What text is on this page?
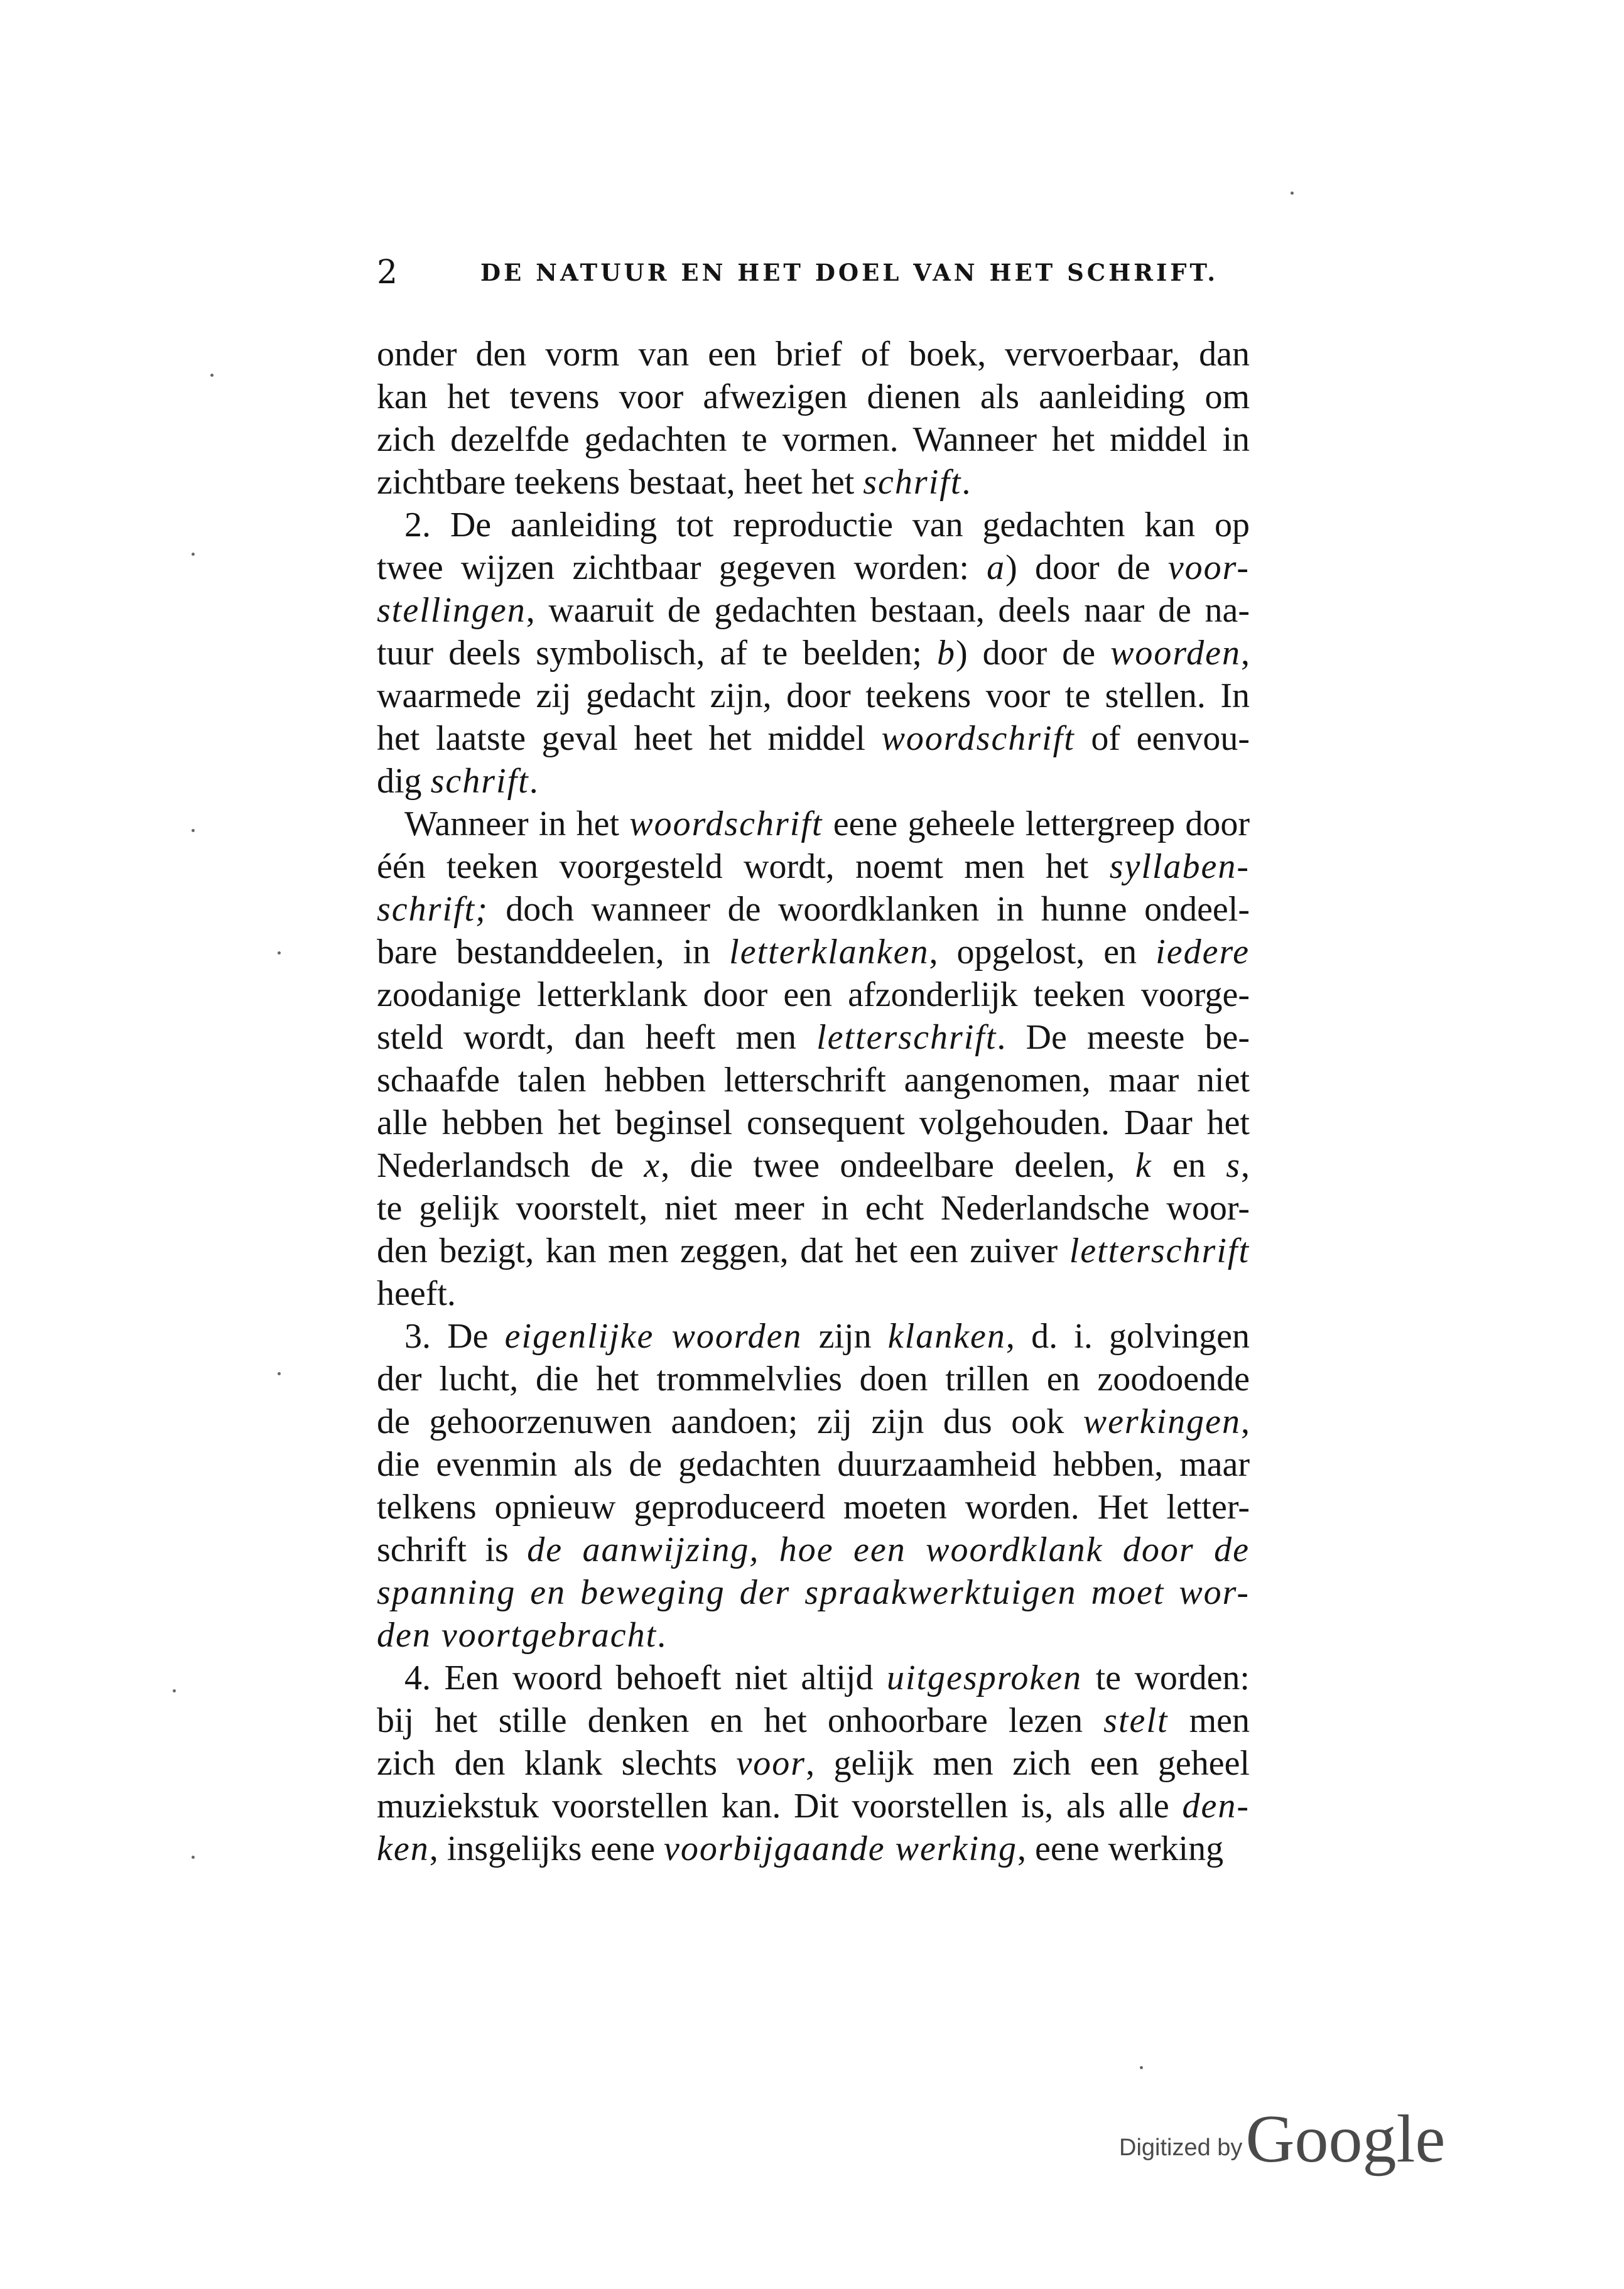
2	DE NATUUR EN HET DOEL VAN HET SCHRIFT.
onder den vorm van een brief of boek, vervoerbaar, dan
kan het tevens voor afwezigen dienen als aanleiding om
zich dezelfde gedachten te vormen. Wanneer het middel in
zichtbare teekens bestaat, heet het schrift.
2. De aanleiding tot reproductie van gedachten kan op
twee wijzen zichtbaar gegeven worden: a) door de voor-
stellingen, waaruit de gedachten bestaan, deels naar de na-
tuur deels symbolisch, af te beelden; b) door de woorden,
waarmede zij gedacht zijn, door teekens voor te stellen. In
het laatste geval heet het middel woordschrift of eenvou-
dig schrift.
Wanneer in het woordschrift eene geheele lettergreep door
één teeken voorgesteld wordt, noemt men het syllaben-
schrift; doch wanneer de woordklanken in hunne ondeel-
bare bestanddeelen, in letterklanken, opgelost, en iedere
zoodanige letterklank door een afzonderlijk teeken voorge-
steld wordt, dan heeft men letterschrift. De meeste be-
schaafde talen hebben letterschrift aangenomen, maar niet
alle hebben het beginsel consequent volgehouden. Daar het
Nederlandsch de x, die twee ondeelbare deelen, k en s,
te gelijk voorstelt, niet meer in echt Nederlandsche woor-
den bezigt, kan men zeggen, dat het een zuiver letterschrift
heeft.
3. De eigenlijke woorden zijn klanken, d. i. golvingen
der lucht, die het trommelvlies doen trillen en zoodoende
de gehoorzenuwen aandoen; zij zijn dus ook werkingen,
die evenmin als de gedachten duurzaamheid hebben, maar
telkens opnieuw geproduceerd moeten worden. Het letter-
schrift is de aanwijzing, hoe een woordklank door de
spanning en beweging der spraakwerktuigen moet wor-
den voortgebracht.
4. Een woord behoeft niet altijd uitgesproken te worden:
bij het stille denken en het onhoorbare lezen stelt men
zich den klank slechts voor, gelijk men zich een geheel
muziekstuk voorstellen kan. Dit voorstellen is, als alle den-
ken, insgelijks eene voorbijgaande werking, eene werking
Digitized by Google
